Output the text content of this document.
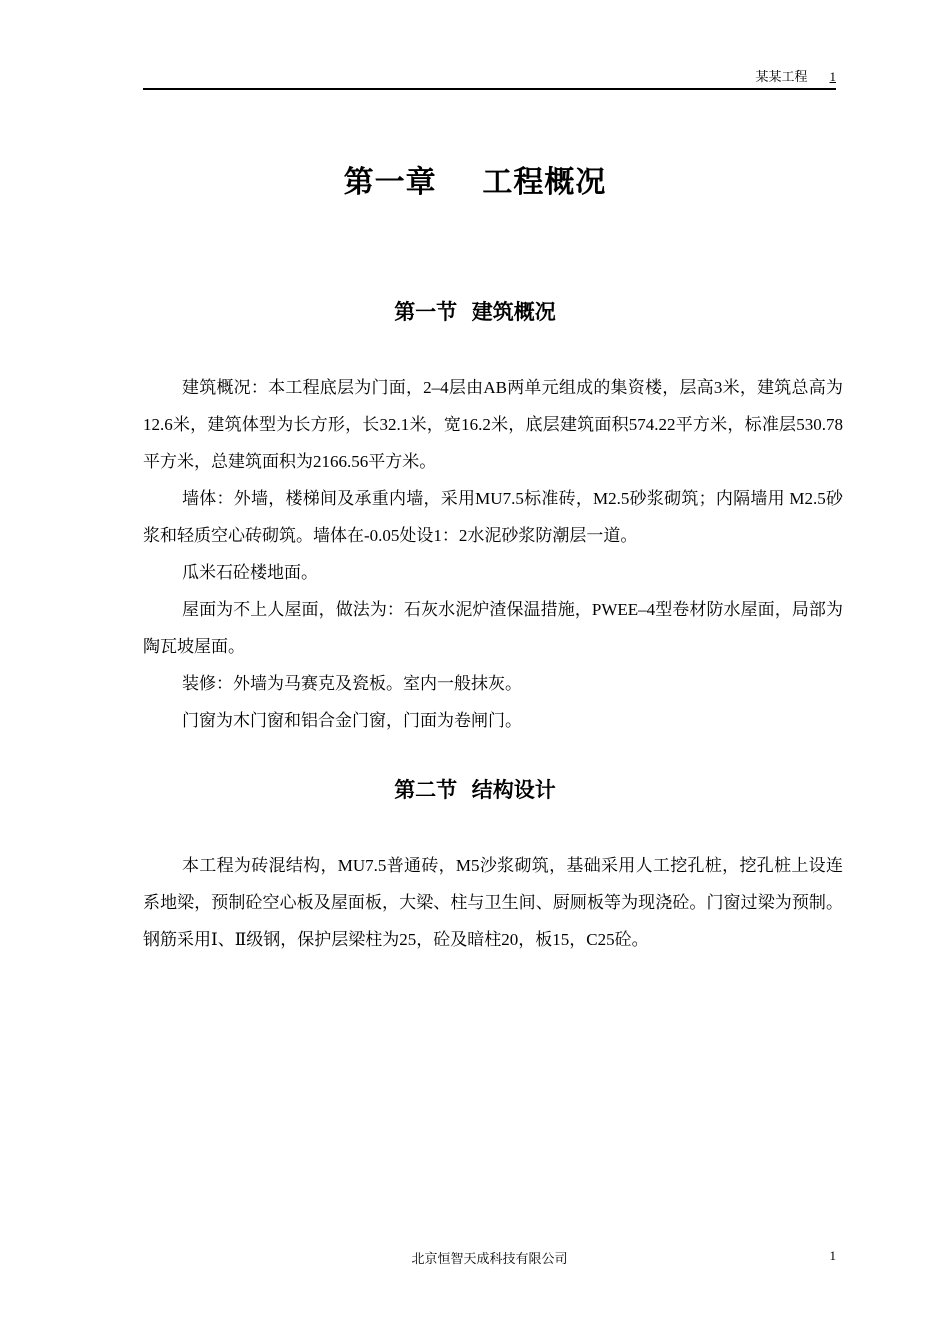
某某工程 1
第一章    工程概况
第一节  建筑概况

建筑概况：本工程底层为门面，2–4层由AB两单元组成的集资楼，层高3米，建筑总高为12.6米，建筑体型为长方形，长32.1米，宽16.2米，底层建筑面积574.22平方米，标准层530.78平方米，总建筑面积为2166.56平方米。

墙体：外墙，楼梯间及承重内墙，采用MU7.5标准砖，M2.5砂浆砌筑；内隔墙用 M2.5砂浆和轻质空心砖砌筑。墙体在-0.05处设1：2水泥砂浆防潮层一道。

瓜米石砼楼地面。

屋面为不上人屋面，做法为：石灰水泥炉渣保温措施，PWEE–4型卷材防水屋面，局部为陶瓦坡屋面。

装修：外墙为马赛克及瓷板。室内一般抹灰。

门窗为木门窗和铝合金门窗，门面为卷闸门。

第二节  结构设计

本工程为砖混结构，MU7.5普通砖，M5沙浆砌筑，基础采用人工挖孔桩，挖孔桩上设连系地梁，预制砼空心板及屋面板，大梁、柱与卫生间、厨厕板等为现浇砼。门窗过梁为预制。钢筋采用Ⅰ、Ⅱ级钢，保护层梁柱为25，砼及暗柱20，板15，C25砼。

北京恒智天成科技有限公司	1
